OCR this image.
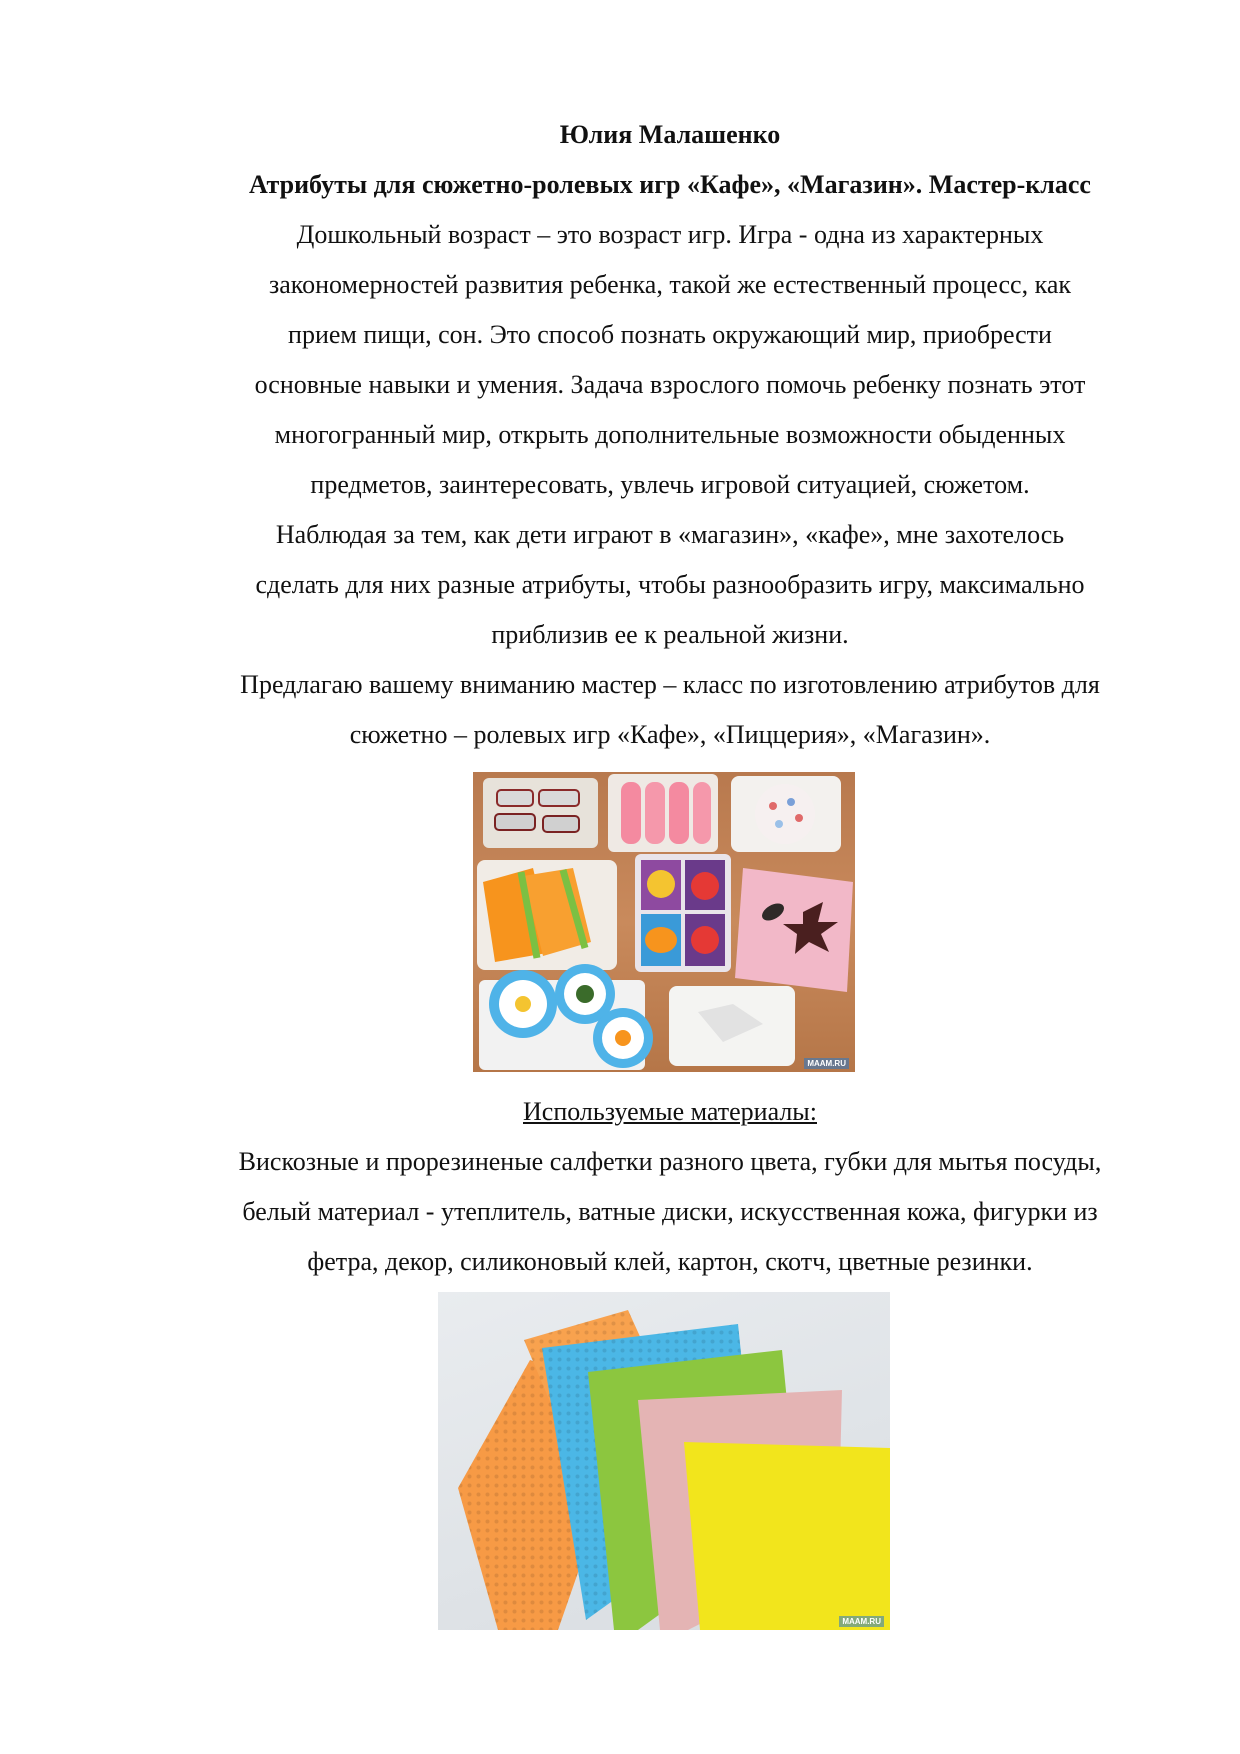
Юлия Малашенко
Атрибуты для сюжетно-ролевых игр «Кафе», «Магазин». Мастер-класс
Дошкольный возраст – это возраст игр. Игра - одна из характерных
закономерностей развития ребенка, такой же естественный процесс, как
прием пищи, сон. Это способ познать окружающий мир, приобрести
основные навыки и умения. Задача взрослого помочь ребенку познать этот
многогранный мир, открыть дополнительные возможности обыденных
предметов, заинтересовать, увлечь игровой ситуацией, сюжетом.
Наблюдая за тем, как дети играют в «магазин», «кафе», мне захотелось
сделать для них разные атрибуты, чтобы разнообразить игру, максимально
приблизив ее к реальной жизни.
Предлагаю вашему вниманию мастер – класс по изготовлению атрибутов для
сюжетно – ролевых игр «Кафе», «Пиццерия», «Магазин».
MAAM.RU
Используемые материалы:
Вискозные и прорезиненые салфетки разного цвета, губки для мытья посуды,
белый материал - утеплитель, ватные диски, искусственная кожа, фигурки из
фетра, декор, силиконовый клей, картон, скотч, цветные резинки.
MAAM.RU
